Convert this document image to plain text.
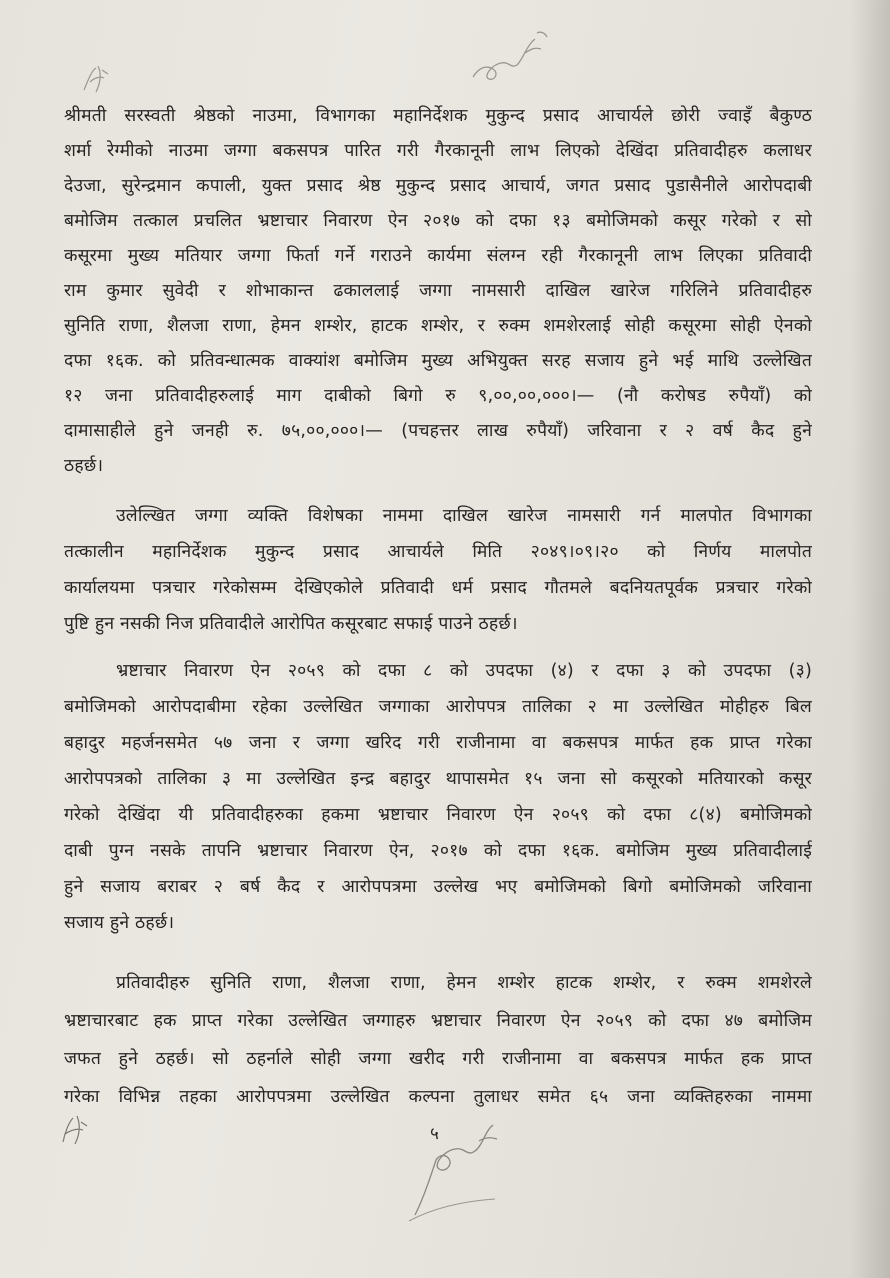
श्रीमती सरस्वती श्रेष्ठको नाउमा, विभागका महानिर्देशक मुकुन्द प्रसाद आचार्यले छोरी ज्वाइँ बैकुण्ठ
शर्मा रेग्मीको नाउमा जग्गा बकसपत्र पारित गरी गैरकानूनी लाभ लिएको देखिंदा प्रतिवादीहरु कलाधर
देउजा, सुरेन्द्रमान कपाली, युक्त प्रसाद श्रेष्ठ मुकुन्द प्रसाद आचार्य, जगत प्रसाद पुडासैनीले आरोपदाबी
बमोजिम तत्काल प्रचलित भ्रष्टाचार निवारण ऐन २०१७ को दफा १३ बमोजिमको कसूर गरेको र सो
कसूरमा मुख्य मतियार जग्गा फिर्ता गर्ने गराउने कार्यमा संलग्न रही गैरकानूनी लाभ लिएका प्रतिवादी
राम कुमार सुवेदी र शोभाकान्त ढकाललाई जग्गा नामसारी दाखिल खारेज गरिलिने प्रतिवादीहरु
सुनिति राणा, शैलजा राणा, हेमन शम्शेर, हाटक शम्शेर, र रुक्म शमशेरलाई सोही कसूरमा सोही ऐनको
दफा १६क. को प्रतिवन्धात्मक वाक्यांश बमोजिम मुख्य अभियुक्त सरह सजाय हुने भई माथि उल्लेखित
१२ जना प्रतिवादीहरुलाई माग दाबीको बिगो रु ९,००,००,०००।— (नौ करोषड रुपैयाँ) को
दामासाहीले हुने जनही रु. ७५,००,०००।— (पचहत्तर लाख रुपैयाँ) जरिवाना र २ वर्ष कैद हुने
ठहर्छ।
उलेल्खित जग्गा व्यक्ति विशेषका नाममा दाखिल खारेज नामसारी गर्न मालपोत विभागका
तत्कालीन महानिर्देशक मुकुन्द प्रसाद आचार्यले मिति २०४९।०९।२० को निर्णय मालपोत
कार्यालयमा पत्रचार गरेकोसम्म देखिएकोले प्रतिवादी धर्म प्रसाद गौतमले बदनियतपूर्वक प्रत्रचार गरेको
पुष्टि हुन नसकी निज प्रतिवादीले आरोपित कसूरबाट सफाई पाउने ठहर्छ।
भ्रष्टाचार निवारण ऐन २०५९ को दफा ८ को उपदफा (४) र दफा ३ को उपदफा (३)
बमोजिमको आरोपदाबीमा रहेका उल्लेखित जग्गाका आरोपपत्र तालिका २ मा उल्लेखित मोहीहरु बिल
बहादुर महर्जनसमेत ५७ जना र जग्गा खरिद गरी राजीनामा वा बकसपत्र मार्फत हक प्राप्त गरेका
आरोपपत्रको तालिका ३ मा उल्लेखित इन्द्र बहादुर थापासमेत १५ जना सो कसूरको मतियारको कसूर
गरेको देखिंदा यी प्रतिवादीहरुका हकमा भ्रष्टाचार निवारण ऐन २०५९ को दफा ८(४) बमोजिमको
दाबी पुग्न नसके तापनि भ्रष्टाचार निवारण ऐन, २०१७ को दफा १६क. बमोजिम मुख्य प्रतिवादीलाई
हुने सजाय बराबर २ बर्ष कैद र आरोपपत्रमा उल्लेख भए बमोजिमको बिगो बमोजिमको जरिवाना
सजाय हुने ठहर्छ।
प्रतिवादीहरु सुनिति राणा, शैलजा राणा, हेमन शम्शेर हाटक शम्शेर, र रुक्म शमशेरले
भ्रष्टाचारबाट हक प्राप्त गरेका उल्लेखित जग्गाहरु भ्रष्टाचार निवारण ऐन २०५९ को दफा ४७ बमोजिम
जफत हुने ठहर्छ। सो ठहर्नाले सोही जग्गा खरीद गरी राजीनामा वा बकसपत्र मार्फत हक प्राप्त
गरेका विभिन्न तहका आरोपपत्रमा उल्लेखित कल्पना तुलाधर समेत ६५ जना व्यक्तिहरुका नाममा
५
